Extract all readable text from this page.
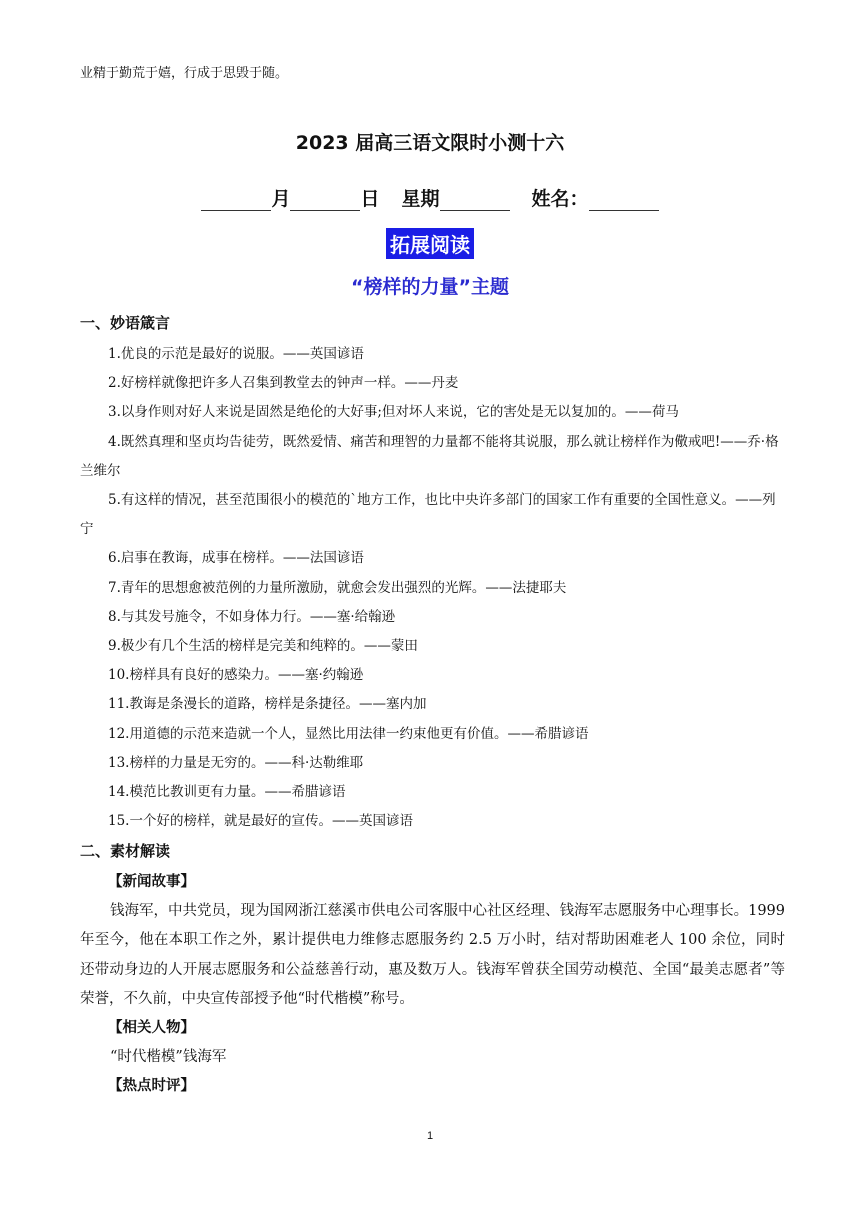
业精于勤荒于嬉，行成于思毁于随。
2023 届高三语文限时小测十六
月	日 星期	姓名：
拓展阅读
“榜样的力量”主题
一、妙语箴言

1.优良的示范是最好的说服。——英国谚语

2.好榜样就像把许多人召集到教堂去的钟声一样。——丹麦

3.以身作则对好人来说是固然是绝伦的大好事;但对坏人来说，它的害处是无以复加的。——荷马

4.既然真理和坚贞均告徒劳，既然爱情、痛苦和理智的力量都不能将其说服，那么就让榜样作为儆戒吧!——乔·格兰维尔

5.有这样的情况，甚至范围很小的模范的`地方工作，也比中央许多部门的国家工作有重要的全国性意义。——列宁

6.启事在教诲，成事在榜样。——法国谚语

7.青年的思想愈被范例的力量所激励，就愈会发出强烈的光辉。——法捷耶夫

8.与其发号施令，不如身体力行。——塞·给翰逊

9.极少有几个生活的榜样是完美和纯粹的。——蒙田

10.榜样具有良好的感染力。——塞·约翰逊

11.教诲是条漫长的道路，榜样是条捷径。——塞内加

12.用道德的示范来造就一个人，显然比用法律一约束他更有价值。——希腊谚语

13.榜样的力量是无穷的。——科·达勒维耶

14.模范比教训更有力量。——希腊谚语

15.一个好的榜样，就是最好的宣传。——英国谚语

二、素材解读

【新闻故事】

钱海军，中共党员，现为国网浙江慈溪市供电公司客服中心社区经理、钱海军志愿服务中心理事长。1999 年至今，他在本职工作之外，累计提供电力维修志愿服务约 2.5 万小时，结对帮助困难老人 100 余位，同时还带动身边的人开展志愿服务和公益慈善行动，惠及数万人。钱海军曾获全国劳动模范、全国“最美志愿者”等荣誉，不久前，中央宣传部授予他“时代楷模”称号。

【相关人物】

“时代楷模”钱海军

【热点时评】

1
